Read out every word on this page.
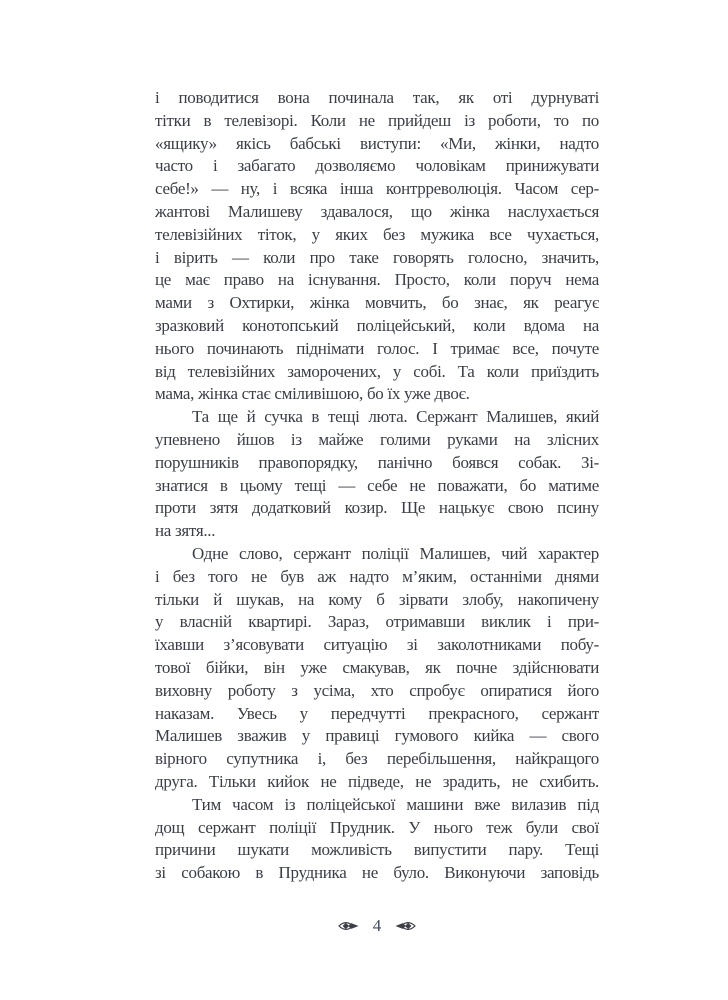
і поводитися вона починала так, як оті дурнуваті
тітки в телевізорі. Коли не прийдеш із роботи, то по
«ящику» якісь бабські виступи: «Ми, жінки, надто
часто і забагато дозволяємо чоловікам принижувати
себе!» — ну, і всяка інша контрреволюція. Часом сер-
жантові Малишеву здавалося, що жінка наслухається
телевізійних тіток, у яких без мужика все чухається,
і вірить — коли про таке говорять голосно, значить,
це має право на існування. Просто, коли поруч нема
мами з Охтирки, жінка мовчить, бо знає, як реагує
зразковий конотопський поліцейський, коли вдома на
нього починають піднімати голос. І тримає все, почуте
від телевізійних заморочених, у собі. Та коли приїздить
мама, жінка стає сміливішою, бо їх уже двоє.
Та ще й сучка в тещі люта. Сержант Малишев, який
упевнено йшов із майже голими руками на злісних
порушників правопорядку, панічно боявся собак. Зі-
знатися в цьому тещі — себе не поважати, бо матиме
проти зятя додатковий козир. Ще нацькує свою псину
на зятя...
Одне слово, сержант поліції Малишев, чий характер
і без того не був аж надто м’яким, останніми днями
тільки й шукав, на кому б зірвати злобу, накопичену
у власній квартирі. Зараз, отримавши виклик і при-
їхавши з’ясовувати ситуацію зі заколотниками побу-
тової бійки, він уже смакував, як почне здійснювати
виховну роботу з усіма, хто спробує опиратися його
наказам. Увесь у передчутті прекрасного, сержант
Малишев зважив у правиці гумового кийка — свого
вірного супутника і, без перебільшення, найкращого
друга. Тільки кийок не підведе, не зрадить, не схибить.
Тим часом із поліцейської машини вже вилазив під
дощ сержант поліції Прудник. У нього теж були свої
причини шукати можливість випустити пару. Тещі
зі собакою в Прудника не було. Виконуючи заповідь
4
